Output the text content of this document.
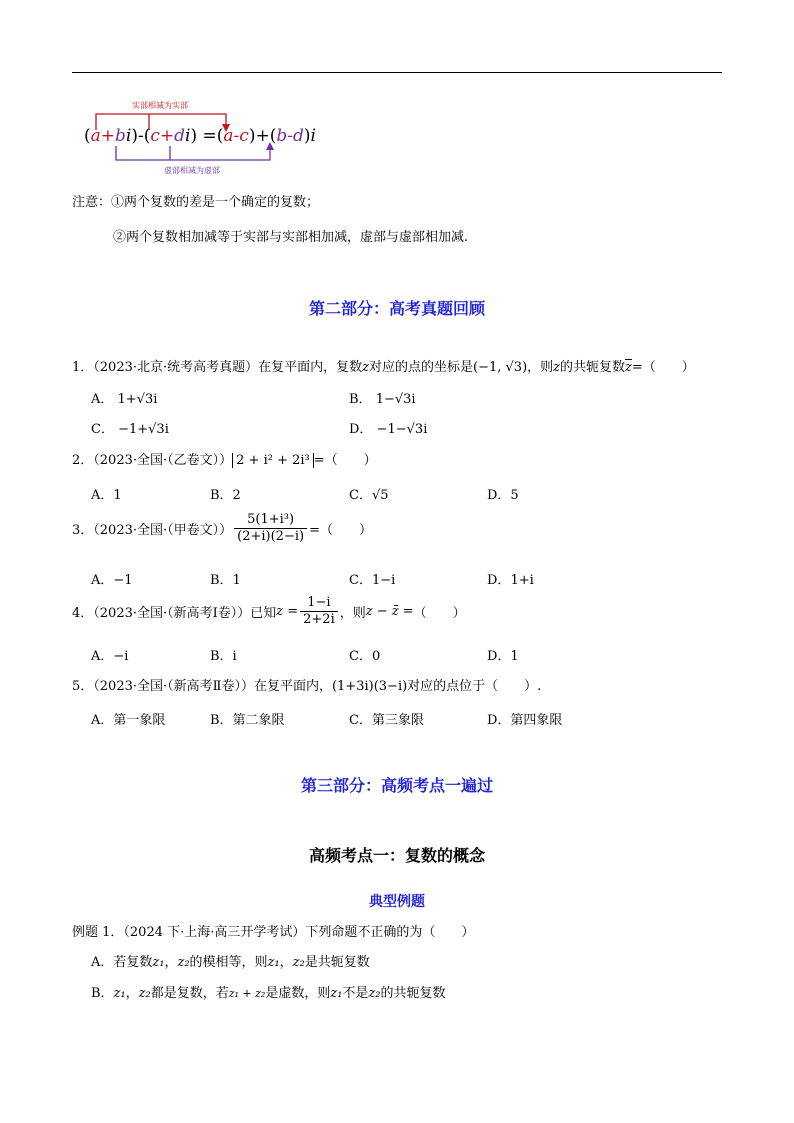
实部相减为实部
虚部相减为虚部
(a+bi)-(c+di) =(a-c)+(b-d)i
注意：①两个复数的差是一个确定的复数；
②两个复数相加减等于实部与实部相加减，虚部与虚部相加减.
第二部分：高考真题回顾
1．（2023·北京·统考高考真题）在复平面内，复数z对应的点的坐标是(−1, √3)，则z的共轭复数$\overline{z}=$（　　）
A． 1+√3i	B． 1−√3i
C． −1+√3i	D． −1−√3i
2．（2023·全国·（乙卷文）） 2 + i² + 2i³ =（　　）
A．1	B．2	C．√5	D．5
3．（2023·全国·（甲卷文）） $\frac{\text{5(1+i³)}}{(2+i)(2-i)}$ =（　　）
A．−1	B．1	C．1−i	D．1+i
4．（2023·全国·（新高考Ⅰ卷））已知$z = \frac{1-i}{2+2i}$ ，则z − z̄ =（　　）
A．−i	B．i	C．0	D．1
5．（2023·全国·（新高考Ⅱ卷））在复平面内，(1+3i)(3−i)对应的点位于（　　）.
A．第一象限	B．第二象限	C．第三象限	D．第四象限
第三部分：高频考点一遍过
高频考点一：复数的概念
典型例题
例题 1．（2024 下·上海·高三开学考试）下列命题不正确的为（　　）
A．若复数z₁，z₂的模相等，则z₁，z₂是共轭复数
B．z₁，z₂都是复数，若z₁ + z₂是虚数，则z₁不是z₂的共轭复数
